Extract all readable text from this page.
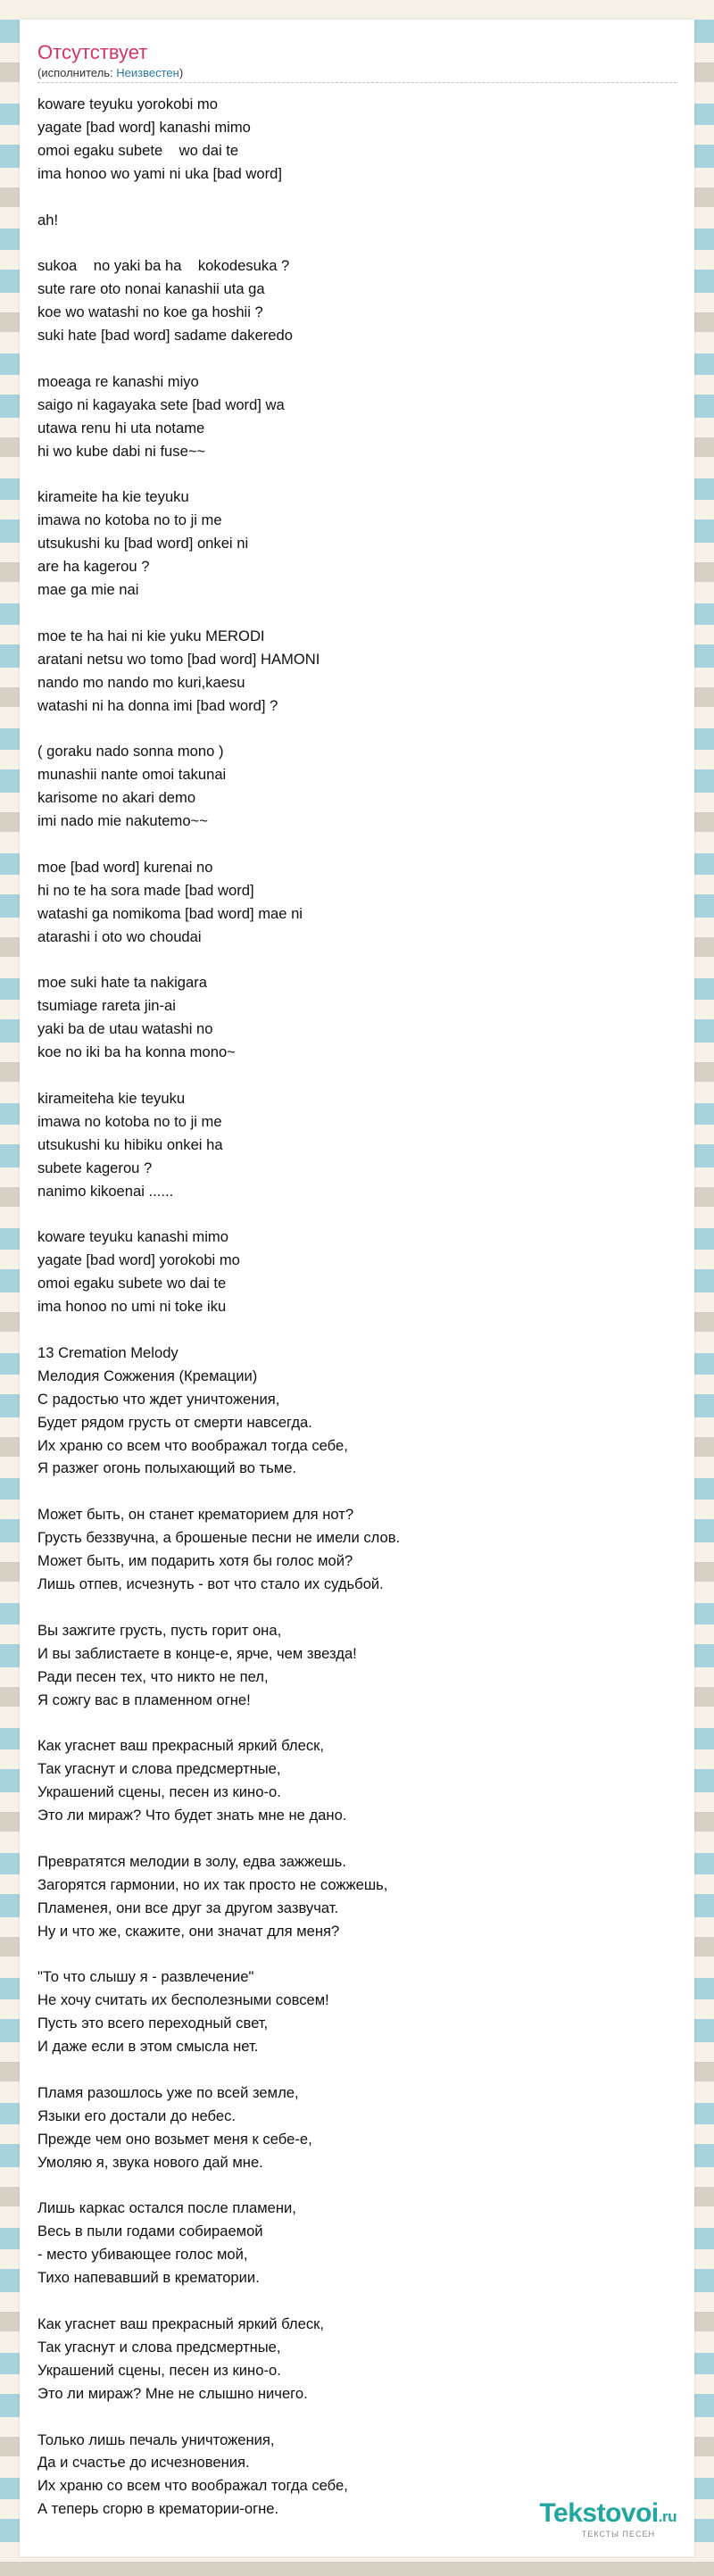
Отсутствует
(исполнитель: Неизвестен)
koware teyuku yorokobi mo
yagate [bad word] kanashi mimo
omoi egaku subete    wo dai te
ima honoo wo yami ni uka [bad word]

ah!

sukoa    no yaki ba ha    kokodesuka ?
sute rare oto nonai kanashii uta ga
koe wo watashi no koe ga hoshii ?
suki hate [bad word] sadame dakeredo

moeaga re kanashi miyo
saigo ni kagayaka sete [bad word] wa
utawa renu hi uta notame
hi wo kube dabi ni fuse~~

kirameite ha kie teyuku
imawa no kotoba no to ji me
utsukushi ku [bad word] onkei ni
are ha kagerou ?
mae ga mie nai

moe te ha hai ni kie yuku MERODI
aratani netsu wo tomo [bad word] HAMONI
nando mo nando mo kuri,kaesu
watashi ni ha donna imi [bad word] ?

( goraku nado sonna mono )
munashii nante omoi takunai
karisome no akari demo
imi nado mie nakutemo~~

moe [bad word] kurenai no
hi no te ha sora made [bad word]
watashi ga nomikoma [bad word] mae ni
atarashi i oto wo choudai

moe suki hate ta nakigara
tsumiage rareta jin-ai
yaki ba de utau watashi no
koe no iki ba ha konna mono~

kirameiteha kie teyuku
imawa no kotoba no to ji me
utsukushi ku hibiku onkei ha
subete kagerou ?
nanimo kikoenai ......

koware teyuku kanashi mimo
yagate [bad word] yorokobi mo
omoi egaku subete wo dai te
ima honoo no umi ni toke iku

13 Cremation Melody
Мелодия Сожжения (Кремации)
С радостью что ждет уничтожения,
Будет рядом грусть от смерти навсегда.
Их храню со всем что воображал тогда себе,
Я разжег огонь полыхающий во тьме.

Может быть, он станет крематорием для нот?
Грусть беззвучна, а брошеные песни не имели слов.
Может быть, им подарить хотя бы голос мой?
Лишь отпев, исчезнуть - вот что стало их судьбой.

Вы зажгите грусть, пусть горит она,
И вы заблистаете в конце-е, ярче, чем звезда!
Ради песен тех, что никто не пел,
Я сожгу вас в пламенном огне!

Как угаснет ваш прекрасный яркий блеск,
Так угаснут и слова предсмертные,
Украшений сцены, песен из кино-о.
Это ли мираж? Что будет знать мне не дано.

Превратятся мелодии в золу, едва зажжешь.
Загорятся гармонии, но их так просто не сожжешь,
Пламенея, они все друг за другом зазвучат.
Ну и что же, скажите, они значат для меня?

"То что слышу я - развлечение"
Не хочу считать их бесполезными совсем!
Пусть это всего переходный свет,
И даже если в этом смысла нет.

Пламя разошлось уже по всей земле,
Языки его достали до небес.
Прежде чем оно возьмет меня к себе-е,
Умоляю я, звука нового дай мне.

Лишь каркас остался после пламени,
Весь в пыли годами собираемой
- место убивающее голос мой,
Тихо напевавший в крематории.

Как угаснет ваш прекрасный яркий блеск,
Так угаснут и слова предсмертные,
Украшений сцены, песен из кино-о.
Это ли мираж? Мне не слышно ничего.

Только лишь печаль уничтожения,
Да и счастье до исчезновения.
Их храню со всем что воображал тогда себе,
А теперь сгорю в крематории-огне.	Tekstovoi.ru
ТЕКСТЫ ПЕСЕН
